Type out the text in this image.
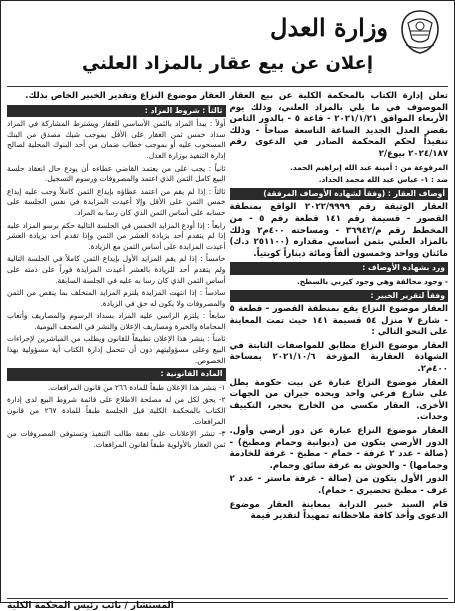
وزارة العدل
إعلان عن بيع عقار بالمزاد العلني

تعلن إدارة الكتاب بالمحكمة الكلية عن بيع العقار الموصوف في ما يلي بالمزاد العلني، وذلك يوم الأربعاء الموافق ٢٠٢١/١/٢١ - قاعة ٥ - بالدور الثامن بقصر العدل الجديد الساعة التاسعة صباحاً - وذلك تنفيذاً لحكم المحكمة الصادر في الدعوى رقم ٢٠٢٤/١٨٧ بيوع/٢

المرفوعة من : أمينة عبد الله إبراهيم الحمد.

ضد : ١- عباس عبد الله محمد الحداد.

أوصاف العقار : (وفقاً لشهادة الأوصاف المرفقة)

العقار الوثيقة رقم ٢٠٢٢/٩٩٩٩ الواقع بمنطقة القصور - قسيمة رقم ١٤١ قطعة رقم ٥ - من المخطط رقم م/٣٦٩٤٢ - ومساحته ٤٠٠م٢ وذلك بالمزاد العلني بثمن أساسي مقداره (٢٥١١٠٠ د.ك) مائتان وواحد وخمسون ألفاً ومائة ديناراً كويتياً.

ورد بشهادة الأوصاف :

- وجود مخالفة وهي وجود كيربي بالسطح.

وفقاً لتقرير الخبير :

العقار موضوع النزاع يقع بمنطقة القصور - قطعة ٥ - شارع ٧ منزل ٥٤ قسيمة ١٤١ حيث تمت المعاينة على النحو التالي :

العقار موضوع النزاع مطابق للمواصفات الثابتة في الشهادة العقارية المؤرخة ٢٠٢١/١٠/٦ بمساحة ٤٠٠م٢.

العقار موضوع النزاع عبارة عن بيت حكومة يطل على شارع فرعي واحد ويحده جيران من الجهات الأخرى. العقار مكسي من الخارج بحجر، التكييف وحدات.

العقار موضوع النزاع عبارة عن دور أرضي وأول. الدور الأرضي يتكون من (ديوانية وحمام ومطبخ) - (صالة - عدد ٢ غرفة - حمام - مطبخ - غرفة للخادمة وحمامها) - والحوش به غرفة سائق وحمام.

الدور الأول يتكون من (صالة - غرفة ماستر - عدد ٢ غرف - مطبخ تحضيري - حمام).

قام السيد خبير الدراية بمعاينة العقار موضوع الدعوى وأخذ كافة ملاحظاته تمهيداً لتقدير قيمة

العقار موضوع النزاع وتقدير الخبير الخاص بذلك.

ثالثاً : شروط المزاد :

أولاً : يبدأ المزاد بالثمن الأساسي للعقار ويشترط المشاركة في المزاد سداد خمس ثمن العقار على الأقل بموجب شيك مصدق من البنك المسحوب عليه أو بموجب خطاب ضمان من أحد البنوك المحلية لصالح إدارة التنفيذ بوزارة العدل.

ثانياً : يجب على من يعتمد القاضي عطاءه أن يودع حال انعقاد جلسة البيع كامل الثمن الذي اعتمد والمصروفات ورسوم التسجيل.

ثالثاً : إذا لم يقم من اعتمد عطاؤه بإيداع الثمن كاملاً وجب عليه إيداع خمس الثمن على الأقل وإلا أعيدت المزايدة في نفس الجلسة على حسابه على أساس الثمن الذي كان رسا به المزاد.

رابعاً : إذا أودع المزايد الخمس في الجلسة التالية حكم برسو المزاد عليه إذا لم يتقدم أحد بزيادة العشر من الثمن وإذا تقدم أحد بزيادة العشر أعيدت المزايدة على أساس الثمن مع الزيادة.

خامساً : إذا لم يقم المزايد الأول بإيداع الثمن كاملاً في الجلسة التالية ولم يتقدم أحد للزيادة بالعشر أعيدت المزايدة فوراً على ذمته على أساس الثمن الذي كان رسا به عليه في الجلسة السابقة.

سادساً : إذا انتهت المزايدة يلتزم المزايد المتخلف بما ينقص من الثمن والمصروفات ولا يكون له حق في الزيادة.

سابعاً : يلتزم الراسي عليه المزاد بسداد الرسوم والمصاريف وأتعاب المحاماة والخبرة ومصاريف الإعلان والنشر في الصحف اليومية.

ثامناً : ينشر هذا الإعلان تطبيقاً للقانون ويطلب من المباشرين لإجراءات البيع وعلى مسؤوليتهم دون أن تتحمل إدارة الكتاب أية مسؤولية بهذا الخصوص.

المادة القانونية :

١- ينشر هذا الإعلان طبقاً للمادة ٢٦٦ من قانون المرافعات.

٢- يحق لكل من له مصلحة الاطلاع على قائمة شروط البيع لدى إدارة الكتاب بالمحكمة الكلية قبل الجلسة طبقاً للمادة ٢٦٧ من قانون المرافعات.

٣- تنشر الإعلانات على نفقة طالب التنفيذ وتستوفى المصروفات من ثمن العقار بالأولوية طبقاً لقانون المرافعات.

المستشار / نائب رئيس المحكمة الكلية
